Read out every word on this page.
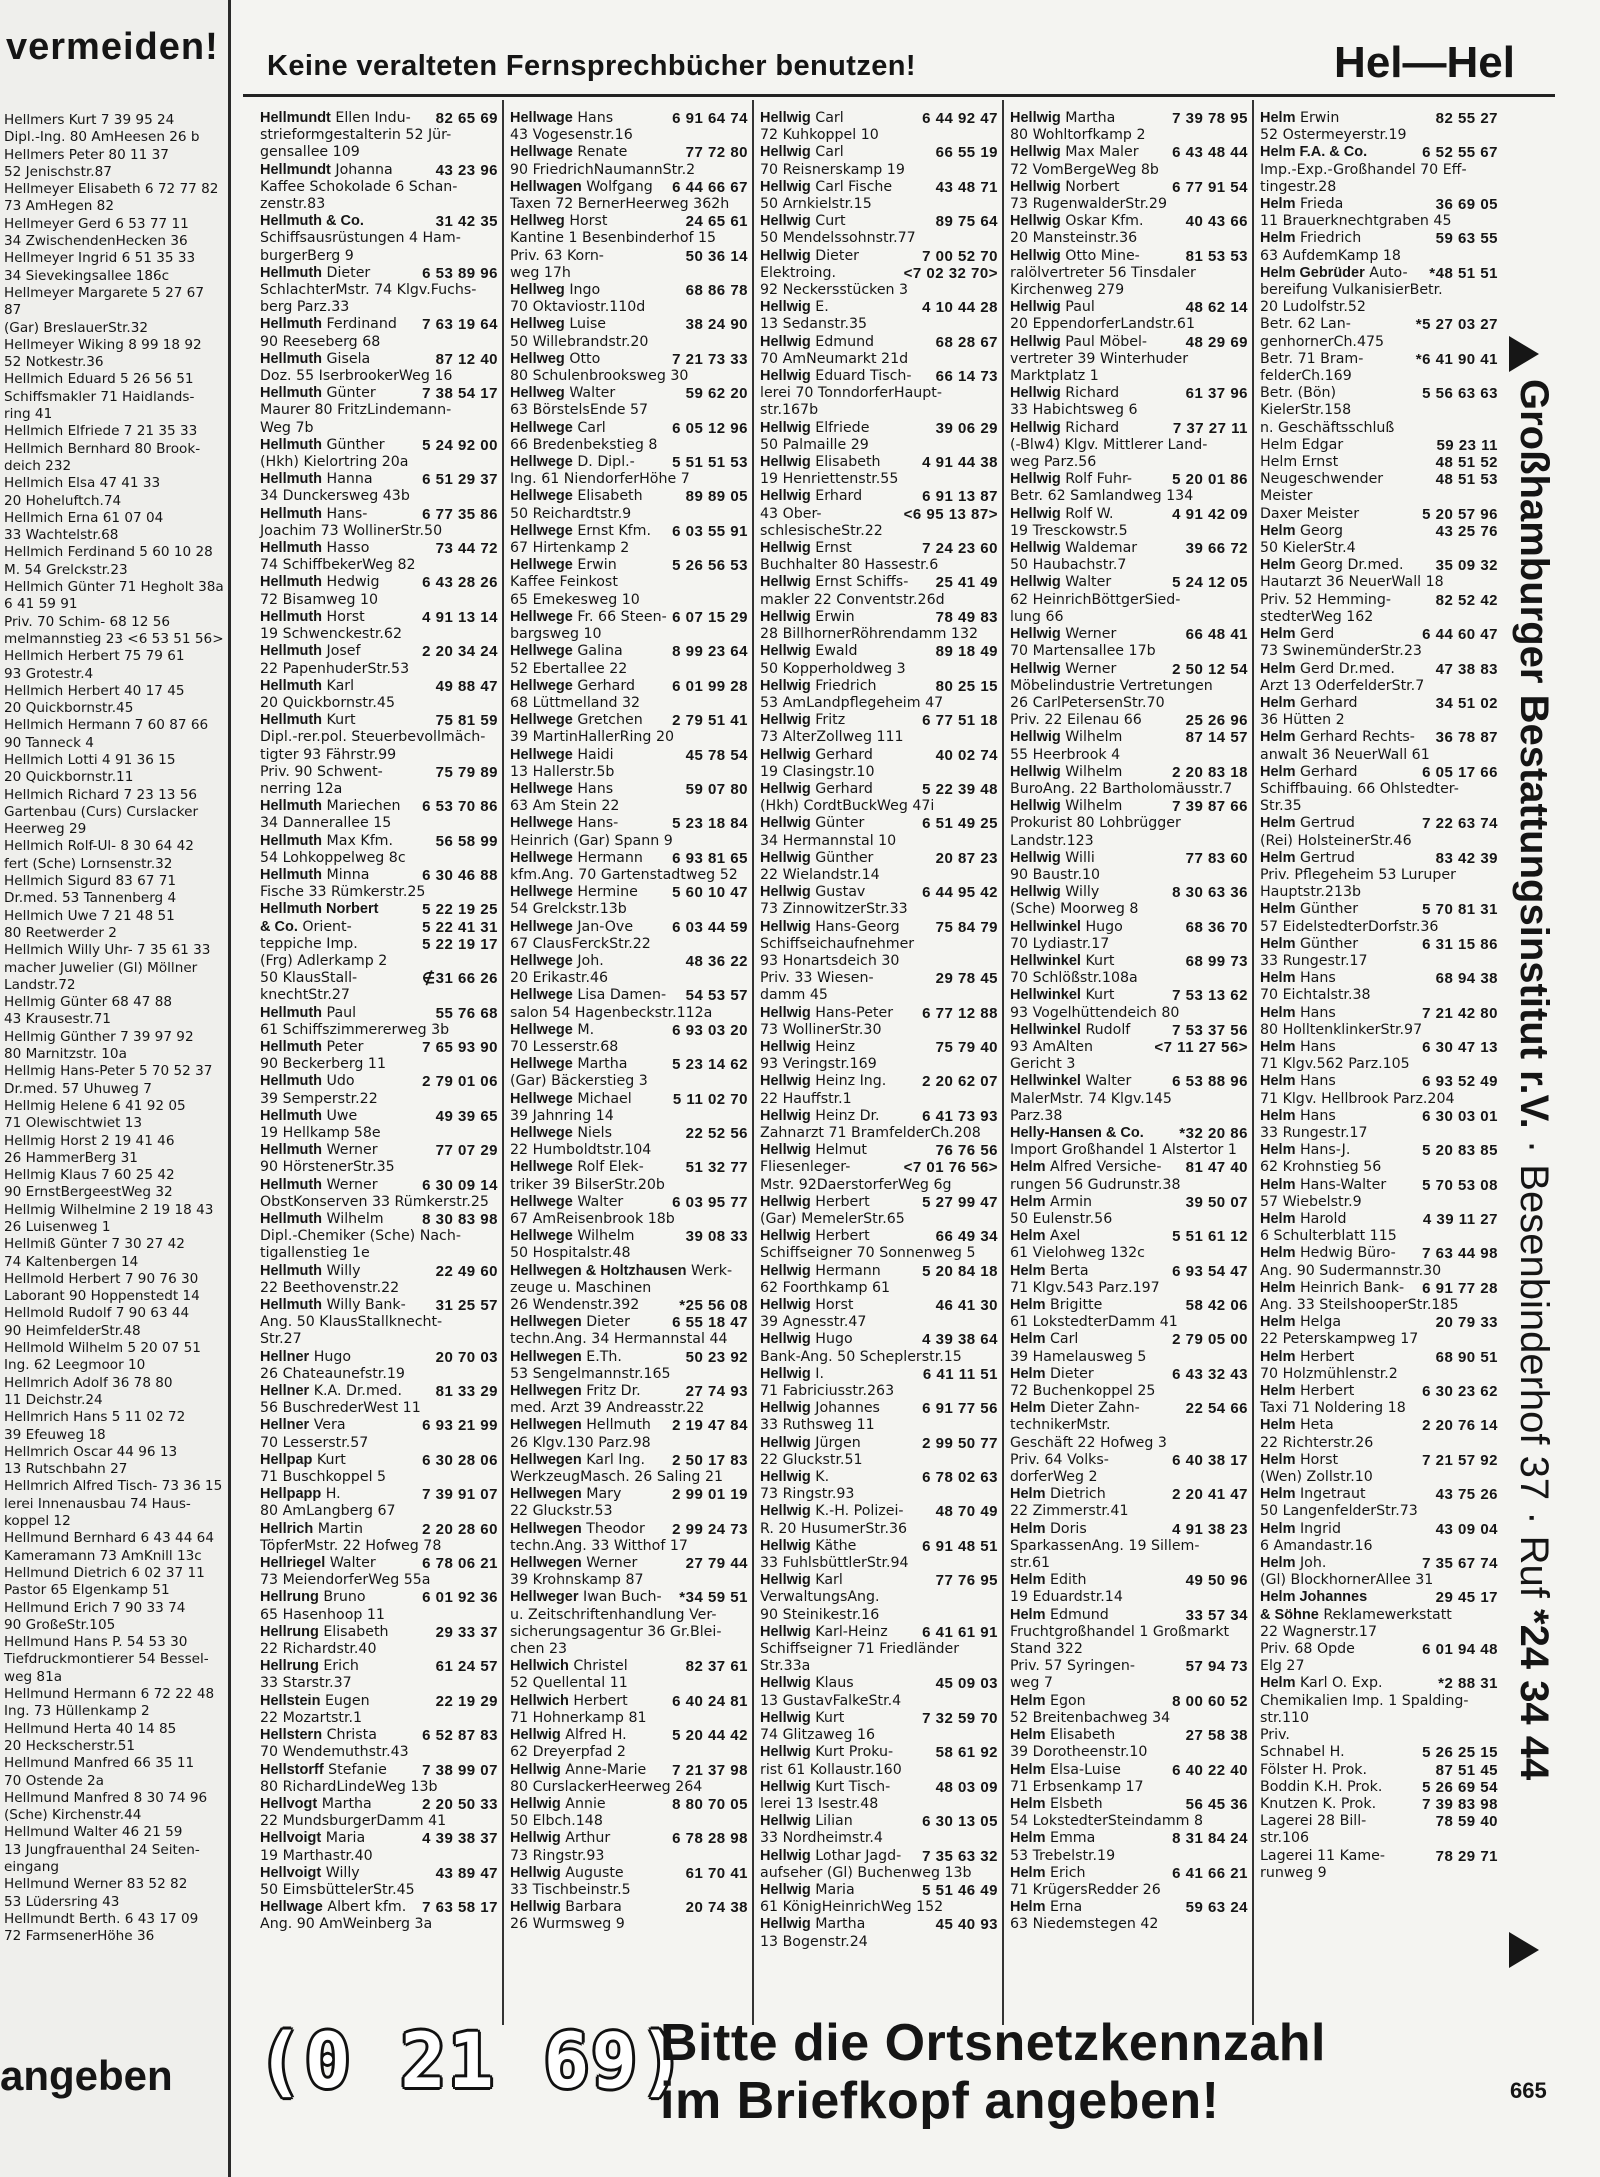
vermeiden!
Hellmers Kurt 7 39 95 24
Dipl.-Ing. 80 AmHeesen 26 b
Hellmers Peter 80 11 37
52 Jenischstr.87
Hellmeyer Elisabeth 6 72 77 82
73 AmHegen 82
Hellmeyer Gerd 6 53 77 11
34 ZwischendenHecken 36
Hellmeyer Ingrid 6 51 35 33
34 Sievekingsallee 186c
Hellmeyer Margarete 5 27 67 87
(Gar) BreslauerStr.32
Hellmeyer Wiking 8 99 18 92
52 Notkestr.36
Hellmich Eduard 5 26 56 51
Schiffsmakler 71 Haidlands-
ring 41
Hellmich Elfriede 7 21 35 33
Hellmich Bernhard 80 Brook-
deich 232
Hellmich Elsa 47 41 33
20 Hoheluftch.74
Hellmich Erna 61 07 04
33 Wachtelstr.68
Hellmich Ferdinand 5 60 10 28
M. 54 Grelckstr.23
Hellmich Günter 71 Hegholt 38a
6 41 59 91
Priv. 70 Schim- 68 12 56
melmannstieg 23 <6 53 51 56>
Hellmich Herbert 75 79 61
93 Grotestr.4
Hellmich Herbert 40 17 45
20 Quickbornstr.45
Hellmich Hermann 7 60 87 66
90 Tanneck 4
Hellmich Lotti 4 91 36 15
20 Quickbornstr.11
Hellmich Richard 7 23 13 56
Gartenbau (Curs) Curslacker
Heerweg 29
Hellmich Rolf-Ul- 8 30 64 42
fert (Sche) Lornsenstr.32
Hellmich Sigurd 83 67 71
Dr.med. 53 Tannenberg 4
Hellmich Uwe 7 21 48 51
80 Reetwerder 2
Hellmich Willy Uhr- 7 35 61 33
macher Juwelier (Gl) Möllner
Landstr.72
Hellmig Günter 68 47 88
43 Krausestr.71
Hellmig Günther 7 39 97 92
80 Marnitzstr. 10a
Hellmig Hans-Peter 5 70 52 37
Dr.med. 57 Uhuweg 7
Hellmig Helene 6 41 92 05
71 Olewischtwiet 13
Hellmig Horst 2 19 41 46
26 HammerBerg 31
Hellmig Klaus 7 60 25 42
90 ErnstBergeestWeg 32
Hellmig Wilhelmine 2 19 18 43
26 Luisenweg 1
Hellmiß Günter 7 30 27 42
74 Kaltenbergen 14
Hellmold Herbert 7 90 76 30
Laborant 90 Hoppenstedt 14
Hellmold Rudolf 7 90 63 44
90 HeimfelderStr.48
Hellmold Wilhelm 5 20 07 51
Ing. 62 Leegmoor 10
Hellmrich Adolf 36 78 80
11 Deichstr.24
Hellmrich Hans 5 11 02 72
39 Efeuweg 18
Hellmrich Oscar 44 96 13
13 Rutschbahn 27
Hellmrich Alfred Tisch- 73 36 15
lerei Innenausbau 74 Haus-
koppel 12
Hellmund Bernhard 6 43 44 64
Kameramann 73 AmKnill 13c
Hellmund Dietrich 6 02 37 11
Pastor 65 Elgenkamp 51
Hellmund Erich 7 90 33 74
90 GroßeStr.105
Hellmund Hans P. 54 53 30
Tiefdruckmontierer 54 Bessel-
weg 81a
Hellmund Hermann 6 72 22 48
Ing. 73 Hüllenkamp 2
Hellmund Herta 40 14 85
20 Heckscherstr.51
Hellmund Manfred 66 35 11
70 Ostende 2a
Hellmund Manfred 8 30 74 96
(Sche) Kirchenstr.44
Hellmund Walter 46 21 59
13 Jungfrauenthal 24 Seiten-
eingang
Hellmund Werner 83 52 82
53 Lüdersring 43
Hellmundt Berth. 6 43 17 09
72 FarmsenerHöhe 36
angeben
Keine veralteten Fernsprechbücher benutzen!	Hel—Hel
82 65 69
Hellmundt Ellen Indu-
strieformgestalterin 52 Jür-
gensallee 109
43 23 96
Hellmundt Johanna
Kaffee Schokolade 6 Schan-
zenstr.83
31 42 35
Hellmuth & Co.
Schiffsausrüstungen 4 Ham-
burgerBerg 9
6 53 89 96
Hellmuth Dieter
SchlachterMstr. 74 Klgv.Fuchs-
berg Parz.33
7 63 19 64
Hellmuth Ferdinand
90 Reeseberg 68
87 12 40
Hellmuth Gisela
Doz. 55 IserbrookerWeg 16
7 38 54 17
Hellmuth Günter
Maurer 80 FritzLindemann-
Weg 7b
5 24 92 00
Hellmuth Günther
(Hkh) Kielortring 20a
6 51 29 37
Hellmuth Hanna
34 Dunckersweg 43b
6 77 35 86
Hellmuth Hans-
Joachim 73 WollinerStr.50
73 44 72
Hellmuth Hasso
74 SchiffbekerWeg 82
6 43 28 26
Hellmuth Hedwig
72 Bisamweg 10
4 91 13 14
Hellmuth Horst
19 Schwenckestr.62
2 20 34 24
Hellmuth Josef
22 PapenhuderStr.53
49 88 47
Hellmuth Karl
20 Quickbornstr.45
75 81 59
Hellmuth Kurt
Dipl.-rer.pol. Steuerbevollmäch-
tigter 93 Fährstr.99
75 79 89
Priv. 90 Schwent-
nerring 12a
6 53 70 86
Hellmuth Mariechen
34 Dannerallee 15
56 58 99
Hellmuth Max Kfm.
54 Lohkoppelweg 8c
6 30 46 88
Hellmuth Minna
Fische 33 Rümkerstr.25
5 22 19 25
Hellmuth Norbert
5 22 41 31
& Co. Orient-
5 22 19 17
teppiche Imp.
(Frg) Adlerkamp 2
∉31 66 26
50 KlausStall-
knechtStr.27
55 76 68
Hellmuth Paul
61 Schiffszimmererweg 3b
7 65 93 90
Hellmuth Peter
90 Beckerberg 11
2 79 01 06
Hellmuth Udo
39 Semperstr.22
49 39 65
Hellmuth Uwe
19 Hellkamp 58e
77 07 29
Hellmuth Werner
90 HörstenerStr.35
6 30 09 14
Hellmuth Werner
ObstKonserven 33 Rümkerstr.25
8 30 83 98
Hellmuth Wilhelm
Dipl.-Chemiker (Sche) Nach-
tigallenstieg 1e
22 49 60
Hellmuth Willy
22 Beethovenstr.22
31 25 57
Hellmuth Willy Bank-
Ang. 50 KlausStallknecht-
Str.27
20 70 03
Hellner Hugo
26 Chateaunefstr.19
81 33 29
Hellner K.A. Dr.med.
56 BuschrederWest 11
6 93 21 99
Hellner Vera
70 Lesserstr.57
6 30 28 06
Hellpap Kurt
71 Buschkoppel 5
7 39 91 07
Hellpapp H.
80 AmLangberg 67
2 20 28 60
Hellrich Martin
TöpferMstr. 22 Hofweg 78
6 78 06 21
Hellriegel Walter
73 MeiendorferWeg 55a
6 01 92 36
Hellrung Bruno
65 Hasenhoop 11
29 33 37
Hellrung Elisabeth
22 Richardstr.40
61 24 57
Hellrung Erich
33 Starstr.37
22 19 29
Hellstein Eugen
22 Mozartstr.1
6 52 87 83
Hellstern Christa
70 Wendemuthstr.43
7 38 99 07
Hellstorff Stefanie
80 RichardLindeWeg 13b
2 20 50 33
Hellvogt Martha
22 MundsburgerDamm 41
4 39 38 37
Hellvoigt Maria
19 Marthastr.40
43 89 47
Hellvoigt Willy
50 EimsbüttelerStr.45
7 63 58 17
Hellwage Albert kfm.
Ang. 90 AmWeinberg 3a
6 91 64 74
Hellwage Hans
43 Vogesenstr.16
77 72 80
Hellwage Renate
90 FriedrichNaumannStr.2
6 44 66 67
Hellwagen Wolfgang
Taxen 72 BernerHeerweg 362h
24 65 61
Hellweg Horst
Kantine 1 Besenbinderhof 15
50 36 14
Priv. 63 Korn-
weg 17h
68 86 78
Hellweg Ingo
70 Oktaviostr.110d
38 24 90
Hellweg Luise
50 Willebrandstr.20
7 21 73 33
Hellweg Otto
80 Schulenbrooksweg 30
59 62 20
Hellweg Walter
63 BörstelsEnde 57
6 05 12 96
Hellwege Carl
66 Bredenbekstieg 8
5 51 51 53
Hellwege D. Dipl.-
Ing. 61 NiendorferHöhe 7
89 89 05
Hellwege Elisabeth
50 Reichardtstr.9
6 03 55 91
Hellwege Ernst Kfm.
67 Hirtenkamp 2
5 26 56 53
Hellwege Erwin
Kaffee Feinkost
65 Emekesweg 10
6 07 15 29
Hellwege Fr. 66 Steen-
bargsweg 10
8 99 23 64
Hellwege Galina
52 Ebertallee 22
6 01 99 28
Hellwege Gerhard
68 Lüttmelland 32
2 79 51 41
Hellwege Gretchen
39 MartinHallerRing 20
45 78 54
Hellwege Haidi
13 Hallerstr.5b
59 07 80
Hellwege Hans
63 Am Stein 22
5 23 18 84
Hellwege Hans-
Heinrich (Gar) Spann 9
6 93 81 65
Hellwege Hermann
kfm.Ang. 70 Gartenstadtweg 52
5 60 10 47
Hellwege Hermine
54 Grelckstr.13b
6 03 44 59
Hellwege Jan-Ove
67 ClausFerckStr.22
48 36 22
Hellwege Joh.
20 Erikastr.46
54 53 57
Hellwege Lisa Damen-
salon 54 Hagenbeckstr.112a
6 93 03 20
Hellwege M.
70 Lesserstr.68
5 23 14 62
Hellwege Martha
(Gar) Bäckerstieg 3
5 11 02 70
Hellwege Michael
39 Jahnring 14
22 52 56
Hellwege Niels
22 Humboldtstr.104
51 32 77
Hellwege Rolf Elek-
triker 39 BilserStr.20b
6 03 95 77
Hellwege Walter
67 AmReisenbrook 18b
39 08 33
Hellwege Wilhelm
50 Hospitalstr.48
Hellwegen & Holtzhausen Werk-
zeuge u. Maschinen
*25 56 08
26 Wendenstr.392
6 55 18 47
Hellwegen Dieter
techn.Ang. 34 Hermannstal 44
50 23 92
Hellwegen E.Th.
53 Sengelmannstr.165
27 74 93
Hellwegen Fritz Dr.
med. Arzt 39 Andreasstr.22
2 19 47 84
Hellwegen Hellmuth
26 Klgv.130 Parz.98
2 50 17 83
Hellwegen Karl Ing.
WerkzeugMasch. 26 Saling 21
2 99 01 19
Hellwegen Mary
22 Gluckstr.53
2 99 24 73
Hellwegen Theodor
techn.Ang. 33 Witthof 17
27 79 44
Hellwegen Werner
39 Krohnskamp 87
*34 59 51
Hellweger Iwan Buch-
u. Zeitschriftenhandlung Ver-
sicherungsagentur 36 Gr.Blei-
chen 23
82 37 61
Hellwich Christel
52 Quellental 11
6 40 24 81
Hellwich Herbert
71 Hohnerkamp 81
5 20 44 42
Hellwig Alfred H.
62 Dreyerpfad 2
7 21 37 98
Hellwig Anne-Marie
80 CurslackerHeerweg 264
8 80 70 05
Hellwig Annie
50 Elbch.148
6 78 28 98
Hellwig Arthur
73 Ringstr.93
61 70 41
Hellwig Auguste
33 Tischbeinstr.5
20 74 38
Hellwig Barbara
26 Wurmsweg 9
6 44 92 47
Hellwig Carl
72 Kuhkoppel 10
66 55 19
Hellwig Carl
70 Reisnerskamp 19
43 48 71
Hellwig Carl Fische
50 Arnkielstr.15
89 75 64
Hellwig Curt
50 Mendelssohnstr.77
7 00 52 70
Hellwig Dieter
<7 02 32 70>
Elektroing.
92 Neckersstücken 3
4 10 44 28
Hellwig E.
13 Sedanstr.35
68 28 67
Hellwig Edmund
70 AmNeumarkt 21d
66 14 73
Hellwig Eduard Tisch-
lerei 70 TonndorferHaupt-
str.167b
39 06 29
Hellwig Elfriede
50 Palmaille 29
4 91 44 38
Hellwig Elisabeth
19 Henriettenstr.55
6 91 13 87
Hellwig Erhard
<6 95 13 87>
43 Ober-
schlesischeStr.22
7 24 23 60
Hellwig Ernst
Buchhalter 80 Hassestr.6
25 41 49
Hellwig Ernst Schiffs-
makler 22 Conventstr.26d
78 49 83
Hellwig Erwin
28 BillhornerRöhrendamm 132
89 18 49
Hellwig Ewald
50 Kopperholdweg 3
80 25 15
Hellwig Friedrich
53 AmLandpflegeheim 47
6 77 51 18
Hellwig Fritz
73 AlterZollweg 111
40 02 74
Hellwig Gerhard
19 Clasingstr.10
5 22 39 48
Hellwig Gerhard
(Hkh) CordtBuckWeg 47i
6 51 49 25
Hellwig Günter
34 Hermannstal 10
20 87 23
Hellwig Günther
22 Wielandstr.14
6 44 95 42
Hellwig Gustav
73 ZinnowitzerStr.33
75 84 79
Hellwig Hans-Georg
Schiffseichaufnehmer
93 Honartsdeich 30
29 78 45
Priv. 33 Wiesen-
damm 45
6 77 12 88
Hellwig Hans-Peter
73 WollinerStr.30
75 79 40
Hellwig Heinz
93 Veringstr.169
2 20 62 07
Hellwig Heinz Ing.
22 Hauffstr.1
6 41 73 93
Hellwig Heinz Dr.
Zahnarzt 71 BramfelderCh.208
76 76 56
Hellwig Helmut
<7 01 76 56>
Fliesenleger-
Mstr. 92DaerstorferWeg 6g
5 27 99 47
Hellwig Herbert
(Gar) MemelerStr.65
66 49 34
Hellwig Herbert
Schiffseigner 70 Sonnenweg 5
5 20 84 18
Hellwig Hermann
62 Foorthkamp 61
46 41 30
Hellwig Horst
39 Agnesstr.47
4 39 38 64
Hellwig Hugo
Bank-Ang. 50 Scheplerstr.15
6 41 11 51
Hellwig I.
71 Fabriciusstr.263
6 91 77 56
Hellwig Johannes
33 Ruthsweg 11
2 99 50 77
Hellwig Jürgen
22 Gluckstr.51
6 78 02 63
Hellwig K.
73 Ringstr.93
48 70 49
Hellwig K.-H. Polizei-
R. 20 HusumerStr.36
6 91 48 51
Hellwig Käthe
33 FuhlsbüttlerStr.94
77 76 95
Hellwig Karl
VerwaltungsAng.
90 Steinikestr.16
6 41 61 91
Hellwig Karl-Heinz
Schiffseigner 71 Friedländer
Str.33a
45 09 03
Hellwig Klaus
13 GustavFalkeStr.4
7 32 59 70
Hellwig Kurt
74 Glitzaweg 16
58 61 92
Hellwig Kurt Proku-
rist 61 Kollaustr.160
48 03 09
Hellwig Kurt Tisch-
lerei 13 Isestr.48
6 30 13 05
Hellwig Lilian
33 Nordheimstr.4
7 35 63 32
Hellwig Lothar Jagd-
aufseher (Gl) Buchenweg 13b
5 51 46 49
Hellwig Maria
61 KönigHeinrichWeg 152
45 40 93
Hellwig Martha
13 Bogenstr.24
7 39 78 95
Hellwig Martha
80 Wohltorfkamp 2
6 43 48 44
Hellwig Max Maler
72 VomBergeWeg 8b
6 77 91 54
Hellwig Norbert
73 RugenwalderStr.29
40 43 66
Hellwig Oskar Kfm.
20 Mansteinstr.36
81 53 53
Hellwig Otto Mine-
ralölvertreter 56 Tinsdaler
Kirchenweg 279
48 62 14
Hellwig Paul
20 EppendorferLandstr.61
48 29 69
Hellwig Paul Möbel-
vertreter 39 Winterhuder
Marktplatz 1
61 37 96
Hellwig Richard
33 Habichtsweg 6
7 37 27 11
Hellwig Richard
(-Blw4) Klgv. Mittlerer Land-
weg Parz.56
5 20 01 86
Hellwig Rolf Fuhr-
Betr. 62 Samlandweg 134
4 91 42 09
Hellwig Rolf W.
19 Tresckowstr.5
39 66 72
Hellwig Waldemar
50 Haubachstr.7
5 24 12 05
Hellwig Walter
62 HeinrichBöttgerSied-
lung 66
66 48 41
Hellwig Werner
70 Martensallee 17b
2 50 12 54
Hellwig Werner
Möbelindustrie Vertretungen
26 CarlPetersenStr.70
25 26 96
Priv. 22 Eilenau 66
87 14 57
Hellwig Wilhelm
55 Heerbrook 4
2 20 83 18
Hellwig Wilhelm
BuroAng. 22 Bartholomäusstr.7
7 39 87 66
Hellwig Wilhelm
Prokurist 80 Lohbrügger
Landstr.123
77 83 60
Hellwig Willi
90 Baustr.10
8 30 63 36
Hellwig Willy
(Sche) Moorweg 8
68 36 70
Hellwinkel Hugo
70 Lydiastr.17
68 99 73
Hellwinkel Kurt
70 Schlößstr.108a
7 53 13 62
Hellwinkel Kurt
93 Vogelhüttendeich 80
7 53 37 56
Hellwinkel Rudolf
<7 11 27 56>
93 AmAlten
Gericht 3
6 53 88 96
Hellwinkel Walter
MalerMstr. 74 Klgv.145
Parz.38
*32 20 86
Helly-Hansen & Co.
Import Großhandel 1 Alstertor 1
81 47 40
Helm Alfred Versiche-
rungen 56 Gudrunstr.38
39 50 07
Helm Armin
50 Eulenstr.56
5 51 61 12
Helm Axel
61 Vielohweg 132c
6 93 54 47
Helm Berta
71 Klgv.543 Parz.197
58 42 06
Helm Brigitte
61 LokstedterDamm 41
2 79 05 00
Helm Carl
39 Hamelausweg 5
6 43 32 43
Helm Dieter
72 Buchenkoppel 25
22 54 66
Helm Dieter Zahn-
technikerMstr.
Geschäft 22 Hofweg 3
6 40 38 17
Priv. 64 Volks-
dorferWeg 2
2 20 41 47
Helm Dietrich
22 Zimmerstr.41
4 91 38 23
Helm Doris
SparkassenAng. 19 Sillem-
str.61
49 50 96
Helm Edith
19 Eduardstr.14
33 57 34
Helm Edmund
Fruchtgroßhandel 1 Großmarkt
Stand 322
57 94 73
Priv. 57 Syringen-
weg 7
8 00 60 52
Helm Egon
52 Breitenbachweg 34
27 58 38
Helm Elisabeth
39 Dorotheenstr.10
6 40 22 40
Helm Elsa-Luise
71 Erbsenkamp 17
56 45 36
Helm Elsbeth
54 LokstedterSteindamm 8
8 31 84 24
Helm Emma
53 Trebelstr.19
6 41 66 21
Helm Erich
71 KrügersRedder 26
59 63 24
Helm Erna
63 Niedemstegen 42
82 55 27
Helm Erwin
52 Ostermeyerstr.19
6 52 55 67
Helm F.A. & Co.
Imp.-Exp.-Großhandel 70 Eff-
tingestr.28
36 69 05
Helm Frieda
11 Brauerknechtgraben 45
59 63 55
Helm Friedrich
63 AufdemKamp 18
*48 51 51
Helm Gebrüder Auto-
bereifung VulkanisierBetr.
20 Ludolfstr.52
*5 27 03 27
Betr. 62 Lan-
genhornerCh.475
*6 41 90 41
Betr. 71 Bram-
felderCh.169
5 56 63 63
Betr. (Bön)
KielerStr.158
n. Geschäftsschluß
59 23 11
Helm Edgar
48 51 52
Helm Ernst
48 51 53
Neugeschwender
Meister
5 20 57 96
Daxer Meister
43 25 76
Helm Georg
50 KielerStr.4
35 09 32
Helm Georg Dr.med.
Hautarzt 36 NeuerWall 18
82 52 42
Priv. 52 Hemming-
stedterWeg 162
6 44 60 47
Helm Gerd
73 SwinemünderStr.23
47 38 83
Helm Gerd Dr.med.
Arzt 13 OderfelderStr.7
34 51 02
Helm Gerhard
36 Hütten 2
36 78 87
Helm Gerhard Rechts-
anwalt 36 NeuerWall 61
6 05 17 66
Helm Gerhard
Schiffbauing. 66 Ohlstedter-
Str.35
7 22 63 74
Helm Gertrud
(Rei) HolsteinerStr.46
83 42 39
Helm Gertrud
Priv. Pflegeheim 53 Luruper
Hauptstr.213b
5 70 81 31
Helm Günther
57 EidelstedterDorfstr.36
6 31 15 86
Helm Günther
33 Rungestr.17
68 94 38
Helm Hans
70 Eichtalstr.38
7 21 42 80
Helm Hans
80 HolltenklinkerStr.97
6 30 47 13
Helm Hans
71 Klgv.562 Parz.105
6 93 52 49
Helm Hans
71 Klgv. Hellbrook Parz.204
6 30 03 01
Helm Hans
33 Rungestr.17
5 20 83 85
Helm Hans-J.
62 Krohnstieg 56
5 70 53 08
Helm Hans-Walter
57 Wiebelstr.9
4 39 11 27
Helm Harold
6 Schulterblatt 115
7 63 44 98
Helm Hedwig Büro-
Ang. 90 Sudermannstr.30
6 91 77 28
Helm Heinrich Bank-
Ang. 33 SteilshooperStr.185
20 79 33
Helm Helga
22 Peterskampweg 17
68 90 51
Helm Herbert
70 Holzmühlenstr.2
6 30 23 62
Helm Herbert
Taxi 71 Noldering 18
2 20 76 14
Helm Heta
22 Richterstr.26
7 21 57 92
Helm Horst
(Wen) Zollstr.10
43 75 26
Helm Ingetraut
50 LangenfelderStr.73
43 09 04
Helm Ingrid
6 Amandastr.16
7 35 67 74
Helm Joh.
(Gl) BlockhornerAllee 31
29 45 17
Helm Johannes
& Söhne Reklamewerkstatt
22 Wagnerstr.17
6 01 94 48
Priv. 68 Opde
Elg 27
*2 88 31
Helm Karl O. Exp.
Chemikalien Imp. 1 Spalding-
str.110
Priv.
5 26 25 15
Schnabel H.
87 51 45
Fölster H. Prok.
5 26 69 54
Boddin K.H. Prok.
7 39 83 98
Knutzen K. Prok.
78 59 40
Lagerei 28 Bill-
str.106
78 29 71
Lagerei 11 Kame-
runweg 9
Großhamburger Bestattungsinstitut r.V. · Besenbinderhof 37 · Ruf *24 34 44
(0 21 69)
Bitte die Ortsnetzkennzahl
im Briefkopf angeben!	665
